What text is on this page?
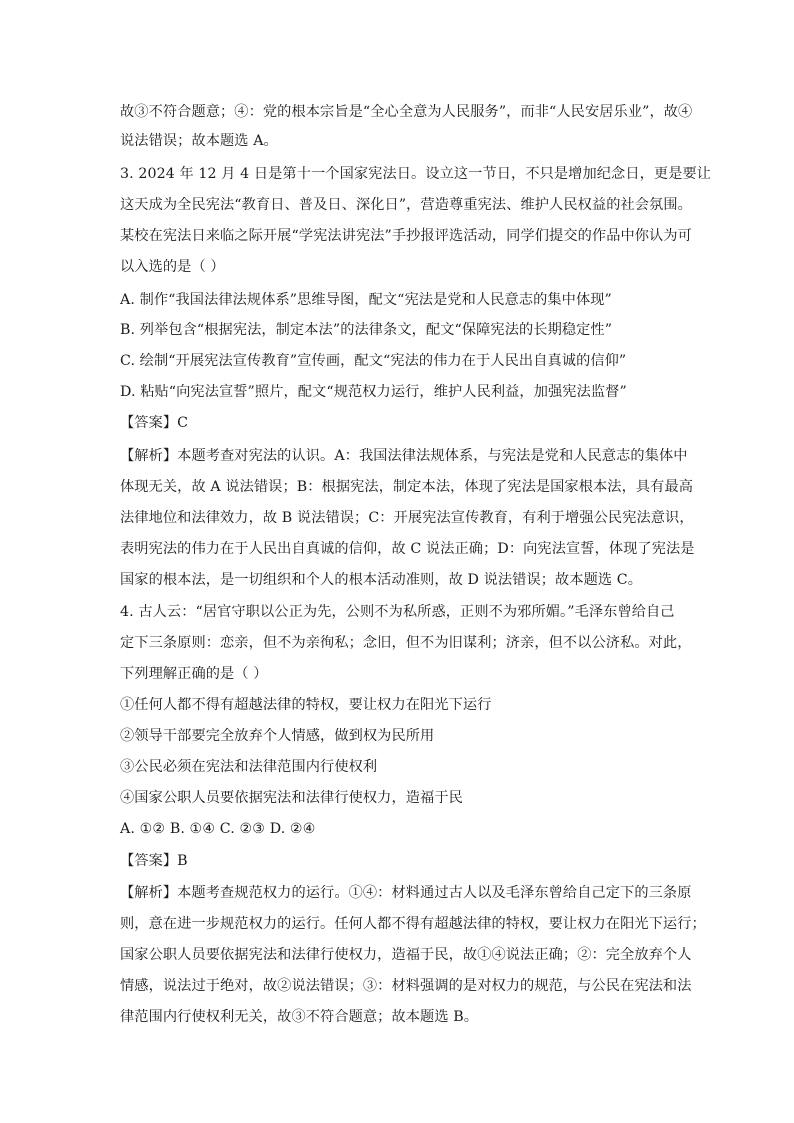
故③不符合题意；④：党的根本宗旨是“全心全意为人民服务”，而非“人民安居乐业”，故④
说法错误；故本题选 A。
3. 2024 年 12 月 4 日是第十一个国家宪法日。设立这一节日，不只是增加纪念日，更是要让
这天成为全民宪法“教育日、普及日、深化日”，营造尊重宪法、维护人民权益的社会氛围。
某校在宪法日来临之际开展“学宪法讲宪法”手抄报评选活动，同学们提交的作品中你认为可
以入选的是（ ）
A. 制作“我国法律法规体系”思维导图，配文“宪法是党和人民意志的集中体现”
B. 列举包含“根据宪法，制定本法”的法律条文，配文“保障宪法的长期稳定性”
C. 绘制“开展宪法宣传教育”宣传画，配文“宪法的伟力在于人民出自真诚的信仰”
D. 粘贴“向宪法宣誓”照片，配文“规范权力运行，维护人民利益，加强宪法监督”
【答案】C
【解析】本题考查对宪法的认识。A：我国法律法规体系，与宪法是党和人民意志的集体中
体现无关，故 A 说法错误；B：根据宪法，制定本法，体现了宪法是国家根本法，具有最高
法律地位和法律效力，故 B 说法错误；C：开展宪法宣传教育，有利于增强公民宪法意识，
表明宪法的伟力在于人民出自真诚的信仰，故 C 说法正确；D：向宪法宣誓，体现了宪法是
国家的根本法，是一切组织和个人的根本活动准则，故 D 说法错误；故本题选 C。
4. 古人云：“居官守职以公正为先，公则不为私所惑，正则不为邪所媚。”毛泽东曾给自己
定下三条原则：恋亲，但不为亲徇私；念旧，但不为旧谋利；济亲，但不以公济私。对此，
下列理解正确的是（ ）
①任何人都不得有超越法律的特权，要让权力在阳光下运行
②领导干部要完全放弃个人情感，做到权为民所用
③公民必须在宪法和法律范围内行使权利
④国家公职人员要依据宪法和法律行使权力，造福于民
A. ①② B. ①④ C. ②③ D. ②④
【答案】B
【解析】本题考查规范权力的运行。①④：材料通过古人以及毛泽东曾给自己定下的三条原
则，意在进一步规范权力的运行。任何人都不得有超越法律的特权，要让权力在阳光下运行；
国家公职人员要依据宪法和法律行使权力，造福于民，故①④说法正确；②：完全放弃个人
情感，说法过于绝对，故②说法错误；③：材料强调的是对权力的规范，与公民在宪法和法
律范围内行使权利无关，故③不符合题意；故本题选 B。
